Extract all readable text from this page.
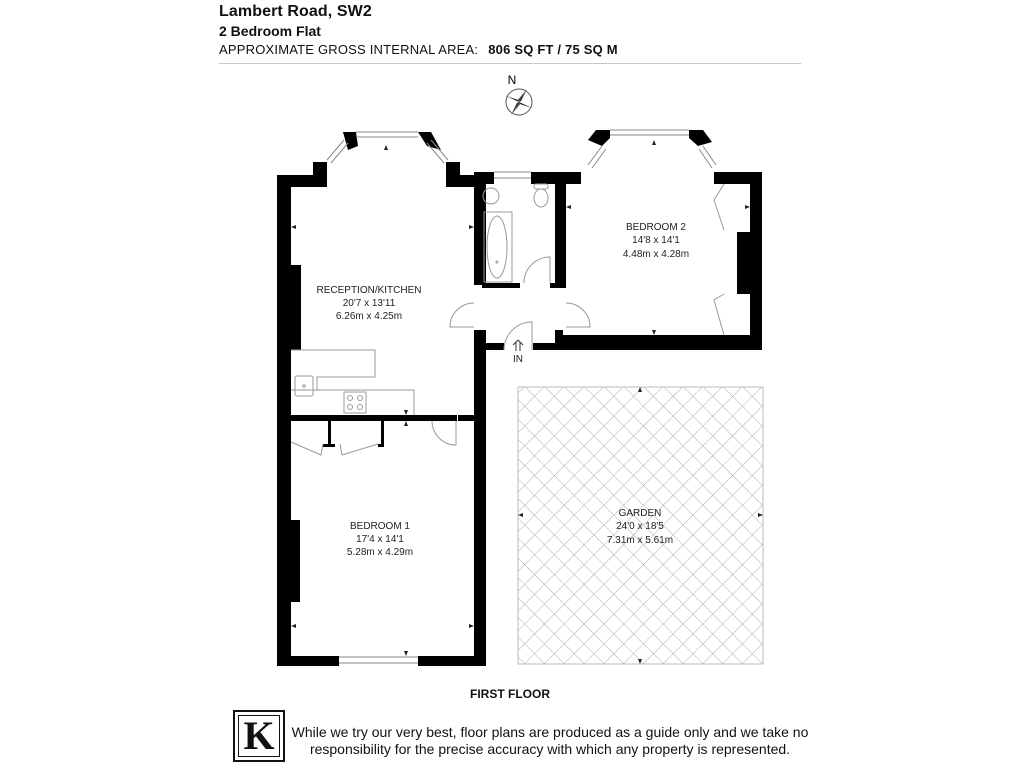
Lambert Road, SW2
2 Bedroom Flat
APPROXIMATE GROSS INTERNAL AREA: 806 SQ FT / 75 SQ M
N
IN
RECEPTION/KITCHEN
20'7 x 13'11
6.26m x 4.25m
BEDROOM 2
14'8 x 14'1
4.48m x 4.28m
BEDROOM 1
17'4 x 14'1
5.28m x 4.29m
GARDEN
24'0 x 18'5
7.31m x 5.61m
FIRST FLOOR
K	While we try our very best, floor plans are produced as a guide only and we take no responsibility for the precise accuracy with which any property is represented.
